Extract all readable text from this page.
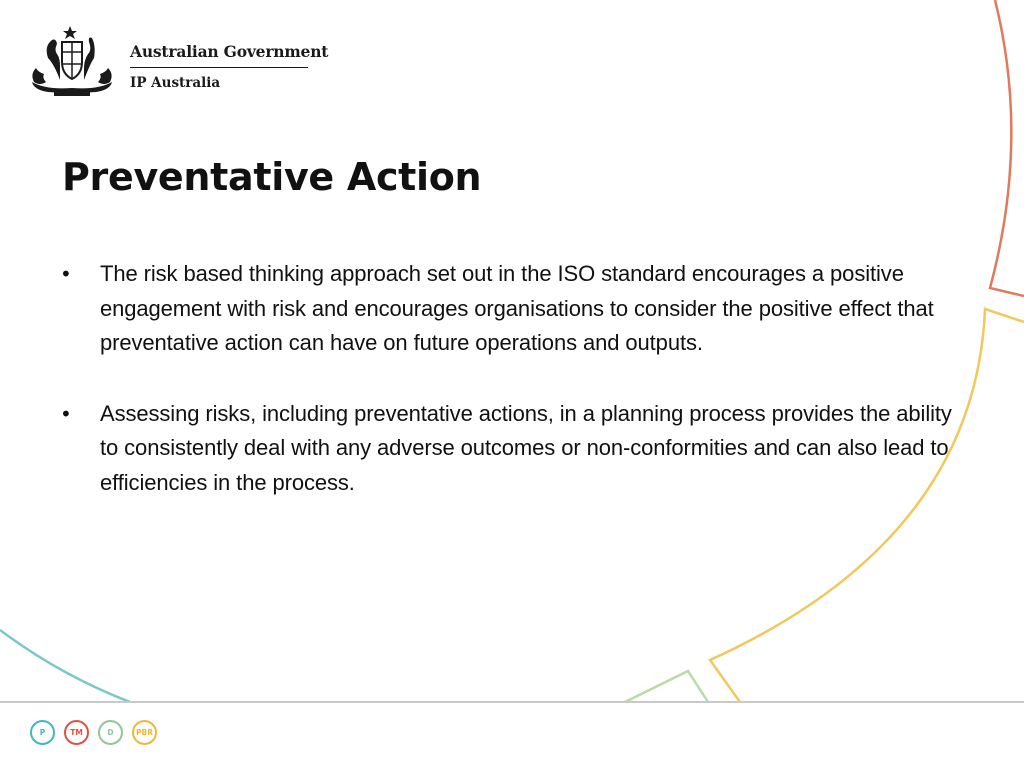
Australian Government
IP Australia
Preventative Action
• The risk based thinking approach set out in the ISO standard encourages a positive engagement with risk and encourages organisations to consider the positive effect that preventative action can have on future operations and outputs.
• Assessing risks, including preventative actions, in a planning process provides the ability to consistently deal with any adverse outcomes or non-conformities and can also lead to efficiencies in the process.
P	TM	D	PBR
